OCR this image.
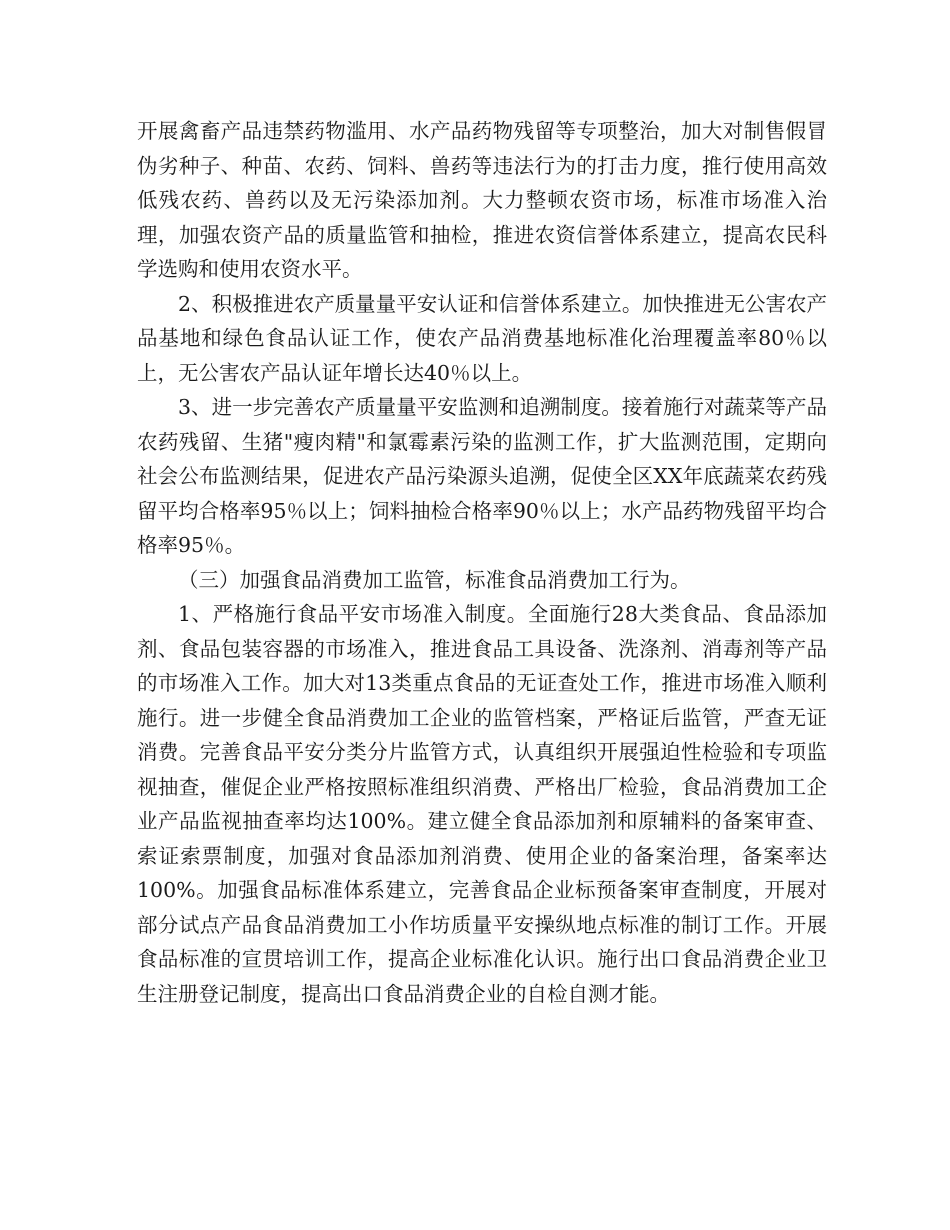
开展禽畜产品违禁药物滥用、水产品药物残留等专项整治，加大对制售假冒伪劣种子、种苗、农药、饲料、兽药等违法行为的打击力度，推行使用高效低残农药、兽药以及无污染添加剂。大力整顿农资市场，标准市场准入治理，加强农资产品的质量监管和抽检，推进农资信誉体系建立，提高农民科学选购和使用农资水平。

2、积极推进农产质量量平安认证和信誉体系建立。加快推进无公害农产品基地和绿色食品认证工作，使农产品消费基地标准化治理覆盖率80％以上，无公害农产品认证年增长达40％以上。

3、进一步完善农产质量量平安监测和追溯制度。接着施行对蔬菜等产品农药残留、生猪"瘦肉精"和氯霉素污染的监测工作，扩大监测范围，定期向社会公布监测结果，促进农产品污染源头追溯，促使全区XX年底蔬菜农药残留平均合格率95％以上；饲料抽检合格率90％以上；水产品药物残留平均合格率95％。

（三）加强食品消费加工监管，标准食品消费加工行为。

1、严格施行食品平安市场准入制度。全面施行28大类食品、食品添加剂、食品包装容器的市场准入，推进食品工具设备、洗涤剂、消毒剂等产品的市场准入工作。加大对13类重点食品的无证查处工作，推进市场准入顺利施行。进一步健全食品消费加工企业的监管档案，严格证后监管，严查无证消费。完善食品平安分类分片监管方式，认真组织开展强迫性检验和专项监视抽查，催促企业严格按照标准组织消费、严格出厂检验，食品消费加工企业产品监视抽查率均达100%。建立健全食品添加剂和原辅料的备案审查、索证索票制度，加强对食品添加剂消费、使用企业的备案治理，备案率达100%。加强食品标准体系建立，完善食品企业标预备案审查制度，开展对部分试点产品食品消费加工小作坊质量平安操纵地点标准的制订工作。开展食品标准的宣贯培训工作，提高企业标准化认识。施行出口食品消费企业卫生注册登记制度，提高出口食品消费企业的自检自测才能。
